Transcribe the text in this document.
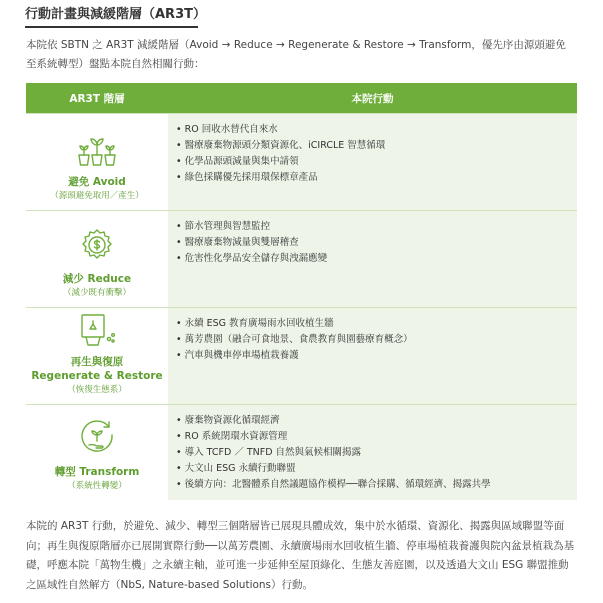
行動計畫與減緩階層（AR3T）
本院依 SBTN 之 AR3T 減緩階層（Avoid → Reduce → Regenerate & Restore → Transform，優先序由源頭避免至系統轉型）盤點本院自然相關行動：
AR3T 階層	本院行動
避免 Avoid
（源頭避免取用／產生）
• RO 回收水替代自來水
• 醫療廢棄物源頭分類資源化、iCIRCLE 智慧循環
• 化學品源頭減量與集中請領
• 綠色採購優先採用環保標章產品
減少 Reduce
（減少既有衝擊）
• 節水管理與智慧監控
• 醫療廢棄物減量與雙層稽查
• 危害性化學品安全儲存與洩漏應變
再生與復原
Regenerate & Restore
（恢復生態系）
• 永續 ESG 教育廣場雨水回收植生牆
• 萬芳農園（融合可食地景、食農教育與園藝療育概念）
• 汽車與機車停車場植栽養護
轉型 Transform
（系統性轉變）
• 廢棄物資源化循環經濟
• RO 系統閉環水資源管理
• 導入 TCFD ／ TNFD 自然與氣候相關揭露
• 大文山 ESG 永續行動聯盟
• 後續方向：北醫體系自然議題協作模桿──聯合採購、循環經濟、揭露共學
本院的 AR3T 行動，於避免、減少、轉型三個階層皆已展現具體成效，集中於水循環、資源化、揭露與區域聯盟等面向；再生與復原階層亦已展開實際行動──以萬芳農園、永續廣場雨水回收植生牆、停車場植栽養護與院內盆景植栽為基礎，呼應本院「萬物生機」之永續主軸，並可進一步延伸至屋頂綠化、生態友善庭園，以及透過大文山 ESG 聯盟推動之區域性自然解方（NbS, Nature-based Solutions）行動。
